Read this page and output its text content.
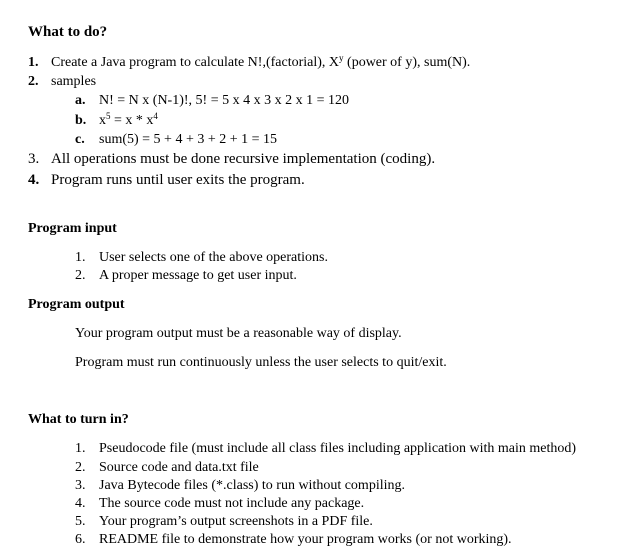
What to do?
1. Create a Java program to calculate N!,(factorial), $X^y$ (power of y), sum(N).
2. samples
a. N! = N x (N-1)!, 5! = 5 x 4 x 3 x 2 x 1 = 120
b. $x^5 = x * x^4$
c. sum(5) = 5 + 4 + 3 + 2 + 1 = 15
3. All operations must be done recursive implementation (coding).
4. Program runs until user exits the program.
Program input
1. User selects one of the above operations.
2. A proper message to get user input.
Program output
Your program output must be a reasonable way of display.
Program must run continuously unless the user selects to quit/exit.
What to turn in?
1. Pseudocode file (must include all class files including application with main method)
2. Source code and data.txt file
3. Java Bytecode files (*.class) to run without compiling.
4. The source code must not include any package.
5. Your program’s output screenshots in a PDF file.
6. README file to demonstrate how your program works (or not working).
